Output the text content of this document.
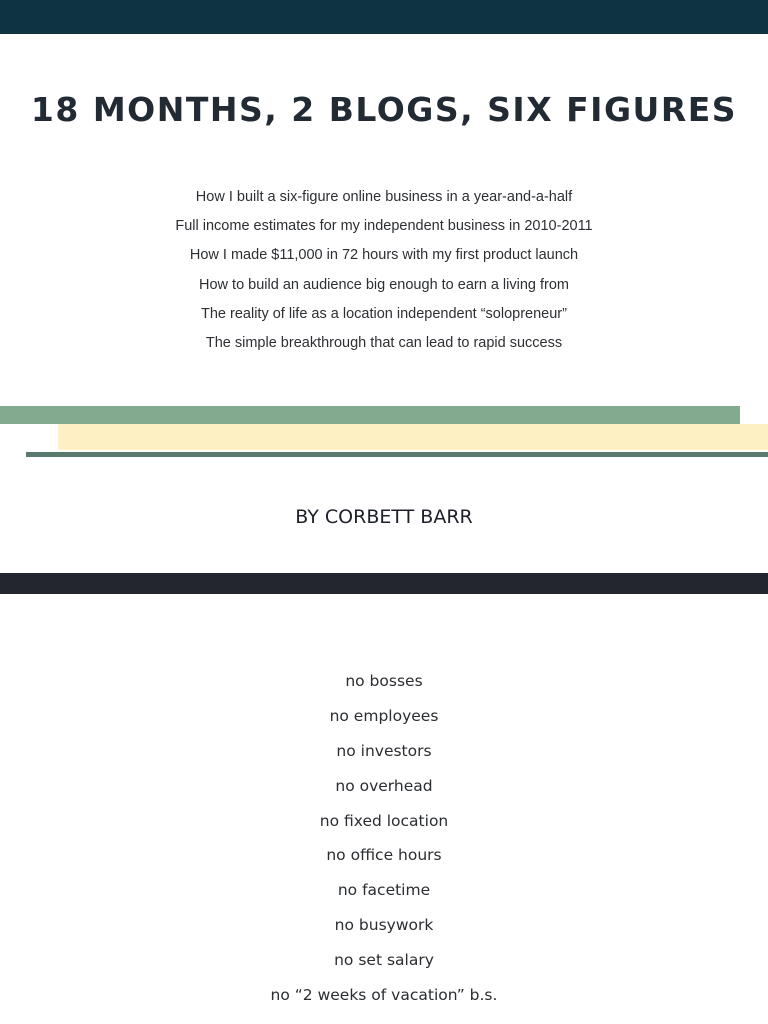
18 MONTHS, 2 BLOGS, SIX FIGURES
How I built a six-figure online business in a year-and-a-half
Full income estimates for my independent business in 2010-2011
How I made $11,000 in 72 hours with my first product launch
How to build an audience big enough to earn a living from
The reality of life as a location independent “solopreneur”
The simple breakthrough that can lead to rapid success

BY CORBETT BARR

no bosses
no employees
no investors
no overhead
no fixed location
no office hours
no facetime
no busywork
no set salary
no “2 weeks of vacation” b.s.
